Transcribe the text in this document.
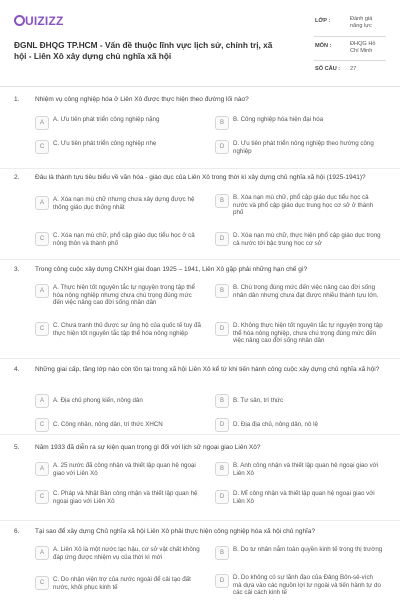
UIZIZZ
ĐGNL ĐHQG TP.HCM - Vấn đề thuộc lĩnh vực lịch sử, chính trị, xã hội - Liên Xô xây dựng chủ nghĩa xã hội
LỚP :	Đánh giá năng lực
MÔN :	ĐHQG Hồ Chí Minh
SỐ CÂU : 27
1. Nhiệm vụ công nghiệp hóa ở Liên Xô được thực hiện theo đường lối nào?
A	A. Ưu tiên phát triển công nghiệp nặng	B	B. Công nghiệp hóa hiện đại hóa
C	C. Ưu tiên phát triển công nghiệp nhẹ	D	D. Ưu tiên phát triển nông nghiệp theo hướng công nghiệp
2. Đâu là thành tựu tiêu biểu về văn hóa - giáo dục của Liên Xô trong thời kì xây dựng chủ nghĩa xã hội (1925-1941)?
A	A. Xóa nạn mù chữ nhưng chưa xây dựng được hệ thống giáo dục thống nhất
B	B. Xóa nạn mù chữ, phổ cập giáo dục tiểu học cả nước và phổ cập giáo dục trung học cơ sở ở thành phố
C	C. Xóa nạn mù chữ, phổ cập giáo dục tiểu học ở cả nông thôn và thành phố
D	D. Xóa nạn mù chữ, thực hiện phổ cập giáo dục trong cả nước tới bậc trung học cơ sở
3. Trong công cuộc xây dựng CNXH giai đoạn 1925 – 1941, Liên Xô gặp phải những hạn chế gì?
A	A. Thực hiện tốt nguyên tắc tự nguyện trong tập thể hóa nông nghiệp nhưng chưa chú trọng đúng mức đến việc nâng cao đời sống nhân dân
B	B. Chú trọng đúng mức đến việc nâng cao đời sống nhân dân nhưng chưa đạt được nhiều thành tựu lớn.
C	C. Chưa tranh thủ được sự ủng hộ của quốc tế tuy đã thực hiện tốt nguyên tắc tập thể hóa nông nghiệp
D	D. Không thực hiện tốt nguyên tắc tự nguyện trong tập thể hóa nông nghiệp, chưa chú trọng đúng mức đến việc nâng cao đời sống nhân dân
4. Những giai cấp, tầng lớp nào còn tồn tại trong xã hội Liên Xô kể từ khi tiến hành công cuộc xây dựng chủ nghĩa xã hội?
A	A. Địa chủ phong kiến, nông dân	B	B. Tư sản, trí thức
C	C. Công nhân, nông dân, trí thức XHCN	D	D. Địa địa chủ, nông dân, nô lệ
5. Năm 1933 đã diễn ra sự kiện quan trọng gì đối với lịch sử ngoại giao Liên Xô?
A	A. 25 nước đã công nhận và thiết lập quan hệ ngoại giao với Liên Xô
B	B. Anh công nhận và thiết lập quan hệ ngoại giao với Liên Xô
C	C. Pháp và Nhật Bản công nhận và thiết lập quan hệ ngoại giao với Liên Xô
D	D. Mĩ công nhận và thiết lập quan hệ ngoại giao với Liên Xô
6. Tại sao để xây dựng Chủ nghĩa xã hội Liên Xô phải thực hiện công nghiệp hóa xã hội chủ nghĩa?
A	A. Liên Xô là một nước lạc hậu, cơ sở vật chất không đáp ứng được nhiệm vụ của thời kì mới
B	B. Do tư nhân nắm toàn quyền kinh tế trong thị trường
C	C. Do nhận viện trợ của nước ngoài để cải tạo đất nước, khôi phục kinh tế
D	D. Do không có sự lãnh đạo của Đảng Bôn-sê-vích mà dựa vào các nguồn lợi tư ngoài và tiến hành tự do các cải cách kinh tế
